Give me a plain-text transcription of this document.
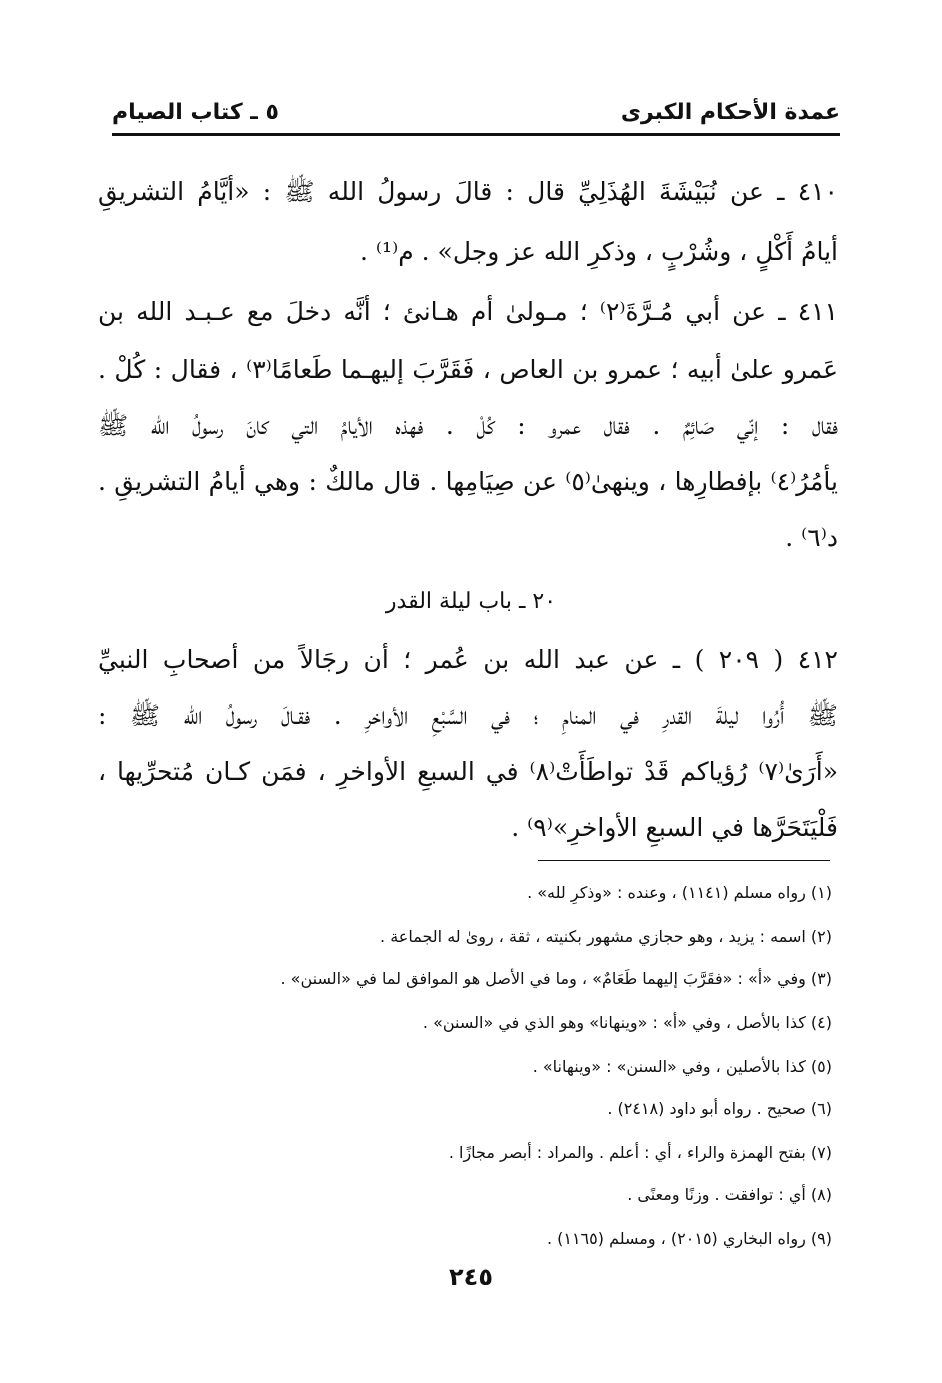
عمدة الأحكام الكبرى
٥ ـ كتاب الصيام
٤١٠ ـ عن نُبَيْشَةَ الهُذَلِيِّ قال : قالَ رسولُ الله ﷺ : «أيَّامُ التشريقِ
أيامُ أَكْلٍ ، وشُرْبٍ ، وذكرِ الله عز وجل» . م⁽¹⁾ .
٤١١ ـ عن أبي مُـرَّةَ⁽٢⁾ ؛ مـولىٰ أم هـانئ ؛ أنَّه دخلَ مع عـبـد الله بن
عَمرو علىٰ أبيه ؛ عمرو بن العاص ، فَقَرَّبَ إليهـما طَعامًا⁽٣⁾ ، فقال : كُلْ .
فقال : إنّي صَائِمٌ . فقال عمرو : كُلْ . فهذه الأيامُ التي كانَ رسولُ الله ﷺ
يأمُرُ⁽٤⁾ بإفطارِها ، وينهىٰ⁽٥⁾ عن صِيَامِها . قال مالكٌ : وهي أيامُ التشريقِ .
د⁽٦⁾ .
٢٠ ـ باب ليلة القدر
٤١٢ ( ٢٠٩ ) ـ عن عبد الله بن عُمر ؛ أن رجَالاً من أصحابِ النبيِّ
ﷺ أُرُوا ليلةَ القدرِ في المنامِ ؛ في السَّبْعِ الأواخرِ . فقـالَ رسولُ الله ﷺ :
«أَرَىٰ⁽٧⁾ رُؤياكم قَدْ تواطَأَتْ⁽٨⁾ في السبعِ الأواخرِ ، فمَن كـان مُتحرِّيها ،
فَلْيَتَحَرَّها في السبعِ الأواخرِ»⁽٩⁾ .
(١) رواه مسلم (١١٤١) ، وعنده : «وذكرِ لله» .
(٢) اسمه : يزيد ، وهو حجازي مشهور بكنيته ، ثقة ، روىٰ له الجماعة .
(٣) وفي «أ» : «فقَرَّبَ إليهما طَعَامٌ» ، وما في الأصل هو الموافق لما في «السنن» .
(٤) كذا بالأصل ، وفي «أ» : «وينهانا» وهو الذي في «السنن» .
(٥) كذا بالأصلين ، وفي «السنن» : «وينهانا» .
(٦) صحيح . رواه أبو داود (٢٤١٨) .
(٧) بفتح الهمزة والراء ، أي : أعلم . والمراد : أبصر مجازًا .
(٨) أي : توافقت . وزنًا ومعنًى .
(٩) رواه البخاري (٢٠١٥) ، ومسلم (١١٦٥) .
٢٤٥
